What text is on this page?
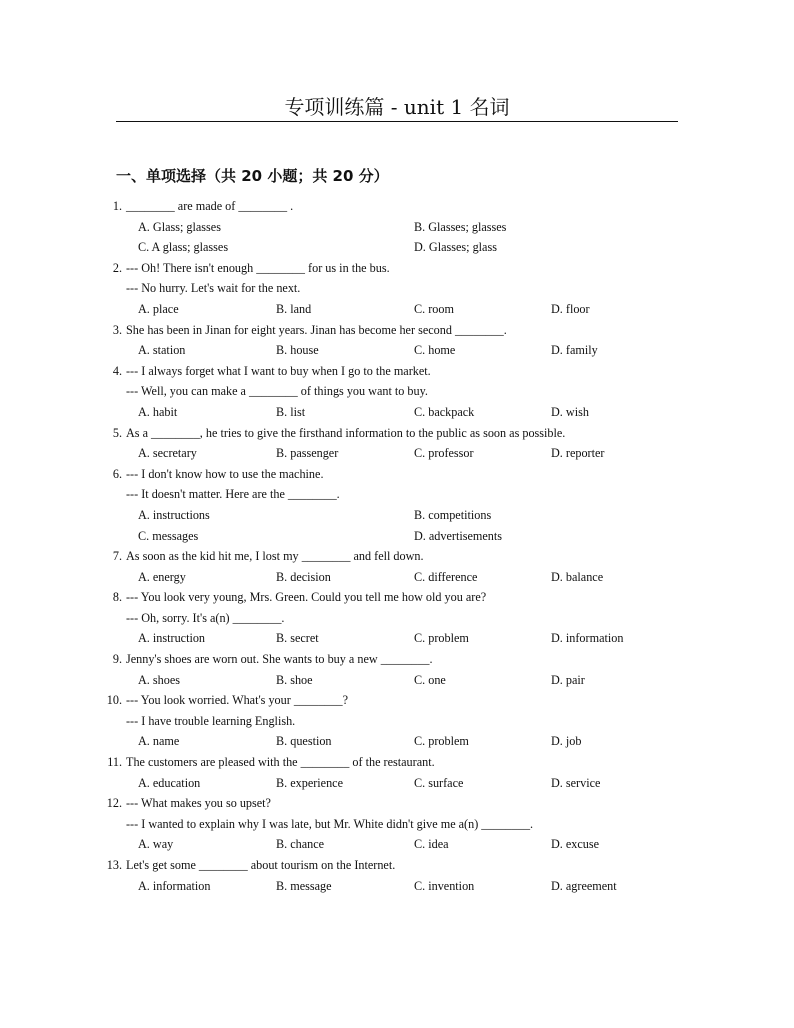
专项训练篇 - unit 1 名词
一、单项选择（共 20 小题；共 20 分）
1. ________ are made of ________ .
A. Glass; glasses	B. Glasses; glasses
C. A glass; glasses	D. Glasses; glass
2. --- Oh! There isn't enough ________ for us in the bus.
--- No hurry. Let's wait for the next.
A. place	B. land	C. room	D. floor
3. She has been in Jinan for eight years. Jinan has become her second ________.
A. station	B. house	C. home	D. family
4. --- I always forget what I want to buy when I go to the market.
--- Well, you can make a ________ of things you want to buy.
A. habit	B. list	C. backpack	D. wish
5. As a ________, he tries to give the firsthand information to the public as soon as possible.
A. secretary	B. passenger	C. professor	D. reporter
6. --- I don't know how to use the machine.
--- It doesn't matter. Here are the ________.
A. instructions	B. competitions
C. messages	D. advertisements
7. As soon as the kid hit me, I lost my ________ and fell down.
A. energy	B. decision	C. difference	D. balance
8. --- You look very young, Mrs. Green. Could you tell me how old you are?
--- Oh, sorry. It's a(n) ________.
A. instruction	B. secret	C. problem	D. information
9. Jenny's shoes are worn out. She wants to buy a new ________.
A. shoes	B. shoe	C. one	D. pair
10. --- You look worried. What's your ________?
--- I have trouble learning English.
A. name	B. question	C. problem	D. job
11. The customers are pleased with the ________ of the restaurant.
A. education	B. experience	C. surface	D. service
12. --- What makes you so upset?
--- I wanted to explain why I was late, but Mr. White didn't give me a(n) ________.
A. way	B. chance	C. idea	D. excuse
13. Let's get some ________ about tourism on the Internet.
A. information	B. message	C. invention	D. agreement
